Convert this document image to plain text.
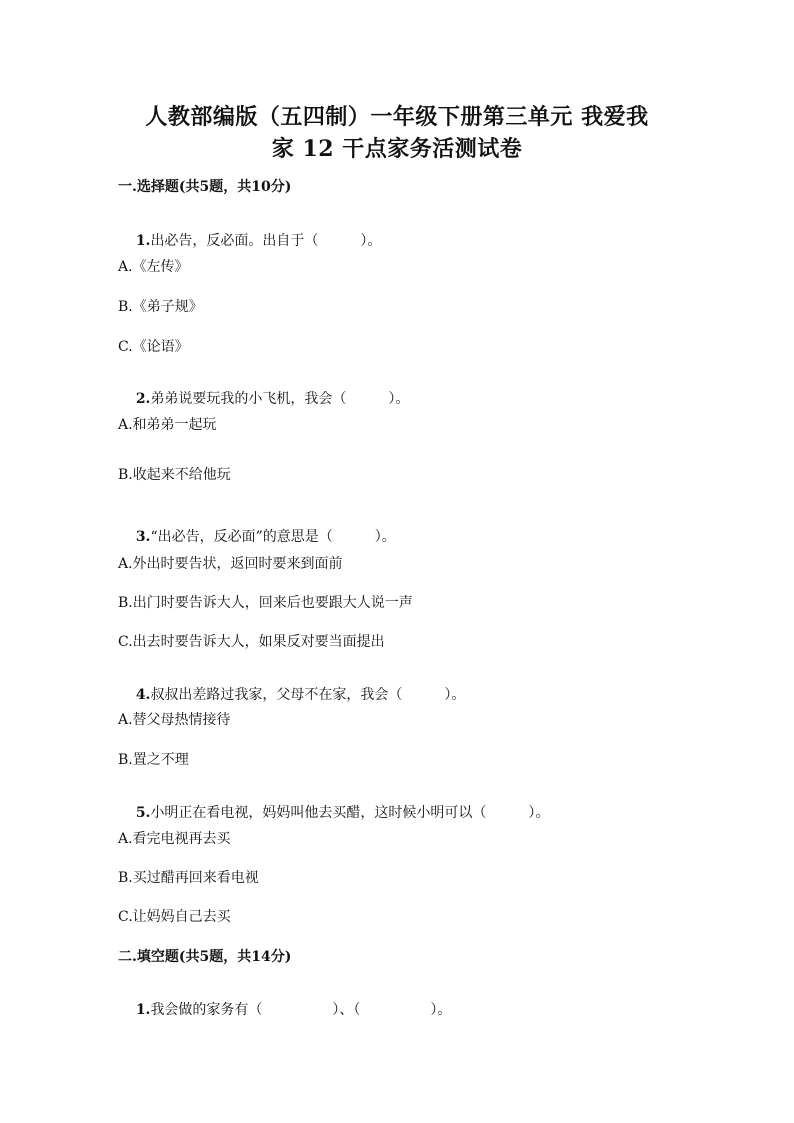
人教部编版（五四制）一年级下册第三单元 我爱我
家 12 干点家务活测试卷
一.选择题(共5题，共10分)

1.出必告，反必面。出自于（　　　）。

A.《左传》
B.《弟子规》
C.《论语》

2.弟弟说要玩我的小飞机，我会（　　　）。

A.和弟弟一起玩
B.收起来不给他玩

3.“出必告，反必面”的意思是（　　　）。

A.外出时要告状，返回时要来到面前
B.出门时要告诉大人，回来后也要跟大人说一声
C.出去时要告诉大人，如果反对要当面提出

4.叔叔出差路过我家，父母不在家，我会（　　　）。

A.替父母热情接待
B.置之不理

5.小明正在看电视，妈妈叫他去买醋，这时候小明可以（　　　）。

A.看完电视再去买
B.买过醋再回来看电视
C.让妈妈自己去买
二.填空题(共5题，共14分)

1.我会做的家务有（　　　　　）、（　　　　　）。
